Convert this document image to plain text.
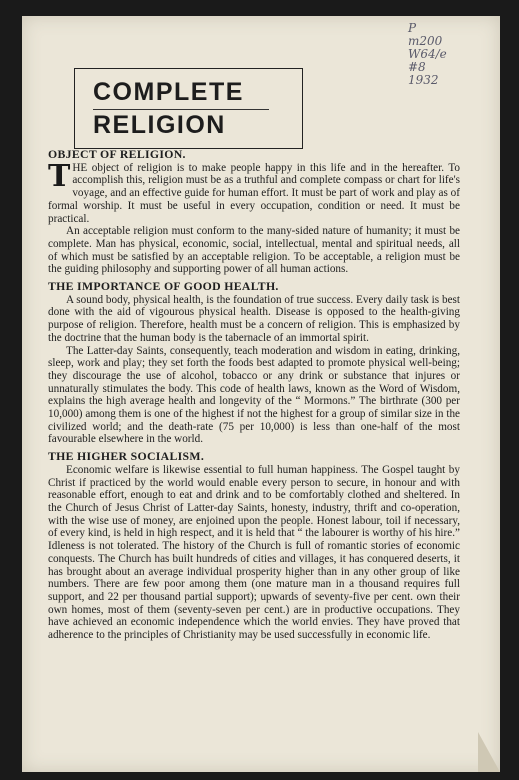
P
m200
W64/e
#8
1932
COMPLETE
RELIGION
OBJECT OF RELIGION.

THE object of religion is to make people happy in this life and in the hereafter. To accomplish this, religion must be as a truthful and complete compass or chart for life's voyage, and an effective guide for human effort. It must be part of work and play as of formal worship. It must be useful in every occupation, condition or need. It must be practical.

An acceptable religion must conform to the many-sided nature of humanity; it must be complete. Man has physical, economic, social, intellectual, mental and spiritual needs, all of which must be satisfied by an acceptable religion. To be acceptable, a religion must be the guiding philosophy and supporting power of all human actions.

THE IMPORTANCE OF GOOD HEALTH.

A sound body, physical health, is the foundation of true success. Every daily task is best done with the aid of vigourous physical health. Disease is opposed to the health-giving purpose of religion. Therefore, health must be a concern of religion. This is emphasized by the doctrine that the human body is the tabernacle of an immortal spirit.

The Latter-day Saints, consequently, teach moderation and wisdom in eating, drinking, sleep, work and play; they set forth the foods best adapted to promote physical well-being; they discourage the use of alcohol, tobacco or any drink or substance that injures or unnaturally stimulates the body. This code of health laws, known as the Word of Wisdom, explains the high average health and longevity of the “ Mormons.” The birthrate (300 per 10,000) among them is one of the highest if not the highest for a group of similar size in the civilized world; and the death-rate (75 per 10,000) is less than one-half of the most favourable elsewhere in the world.

THE HIGHER SOCIALISM.

Economic welfare is likewise essential to full human happiness. The Gospel taught by Christ if practiced by the world would enable every person to secure, in honour and with reasonable effort, enough to eat and drink and to be comfortably clothed and sheltered. In the Church of Jesus Christ of Latter-day Saints, honesty, industry, thrift and co-operation, with the wise use of money, are enjoined upon the people. Honest labour, toil if necessary, of every kind, is held in high respect, and it is held that “ the labourer is worthy of his hire.” Idleness is not tolerated. The history of the Church is full of romantic stories of economic conquests. The Church has built hundreds of cities and villages, it has conquered deserts, it has brought about an average individual prosperity higher than in any other group of like numbers. There are few poor among them (one mature man in a thousand requires full support, and 22 per thousand partial support); upwards of seventy-five per cent. own their own homes, most of them (seventy-seven per cent.) are in productive occupations. They have achieved an economic independence which the world envies. They have proved that adherence to the principles of Christianity may be used successfully in economic life.
